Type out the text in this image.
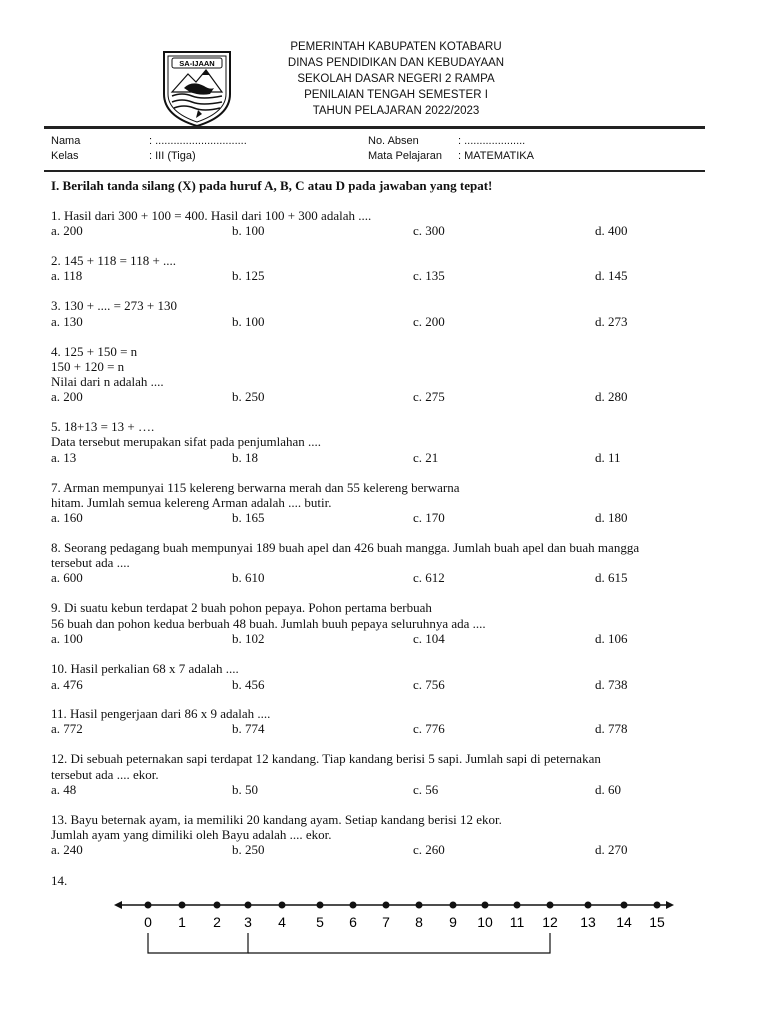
SA-IJAAN
PEMERINTAH KABUPATEN KOTABARU
DINAS PENDIDIKAN DAN KEBUDAYAAN
SEKOLAH DASAR NEGERI 2 RAMPA
PENILAIAN TENGAH SEMESTER I
TAHUN PELAJARAN 2022/2023
Nama	: ..............................
Kelas	: III (Tiga)
No. Absen	: ....................
Mata Pelajaran : MATEMATIKA
I. Berilah tanda silang (X) pada huruf A, B, C atau D pada jawaban yang tepat!
1. Hasil dari 300 + 100 = 400. Hasil dari 100 + 300 adalah ....
a. 200	b. 100	c. 300	d. 400
2. 145 + 118 = 118 + ....
a. 118	b. 125	c. 135	d. 145
3. 130 + .... = 273 + 130
a. 130	b. 100	c. 200	d. 273
4. 125 + 150 = n
150 + 120 = n
Nilai dari n adalah ....
a. 200	b. 250	c. 275	d. 280
5. 18+13 = 13 + ….
Data tersebut merupakan sifat pada penjumlahan ....
a. 13	b. 18	c. 21	d. 11
7. Arman mempunyai 115 kelereng berwarna merah dan 55 kelereng berwarna
hitam. Jumlah semua kelereng Arman adalah .... butir.
a. 160	b. 165	c. 170	d. 180
8. Seorang pedagang buah mempunyai 189 buah apel dan 426 buah mangga. Jumlah buah apel dan buah mangga
tersebut ada ....
a. 600	b. 610	c. 612	d. 615
9. Di suatu kebun terdapat 2 buah pohon pepaya. Pohon pertama berbuah
56 buah dan pohon kedua berbuah 48 buah. Jumlah buuh pepaya seluruhnya ada ....
a. 100	b. 102	c. 104	d. 106
10. Hasil perkalian 68 x 7 adalah ....
a. 476	b. 456	c. 756	d. 738
11. Hasil pengerjaan dari 86 x 9 adalah ....
a. 772	b. 774	c. 776	d. 778
12. Di sebuah peternakan sapi terdapat 12 kandang. Tiap kandang berisi 5 sapi. Jumlah sapi di peternakan
tersebut ada .... ekor.
a. 48	b. 50	c. 56	d. 60
13. Bayu beternak ayam, ia memiliki 20 kandang ayam. Setiap kandang berisi 12 ekor.
Jumlah ayam yang dimiliki oleh Bayu adalah .... ekor.
a. 240	b. 250	c. 260	d. 270
14.
0 1 2 3 4 5 6 7 8 9 10 11 12 13 14 15
